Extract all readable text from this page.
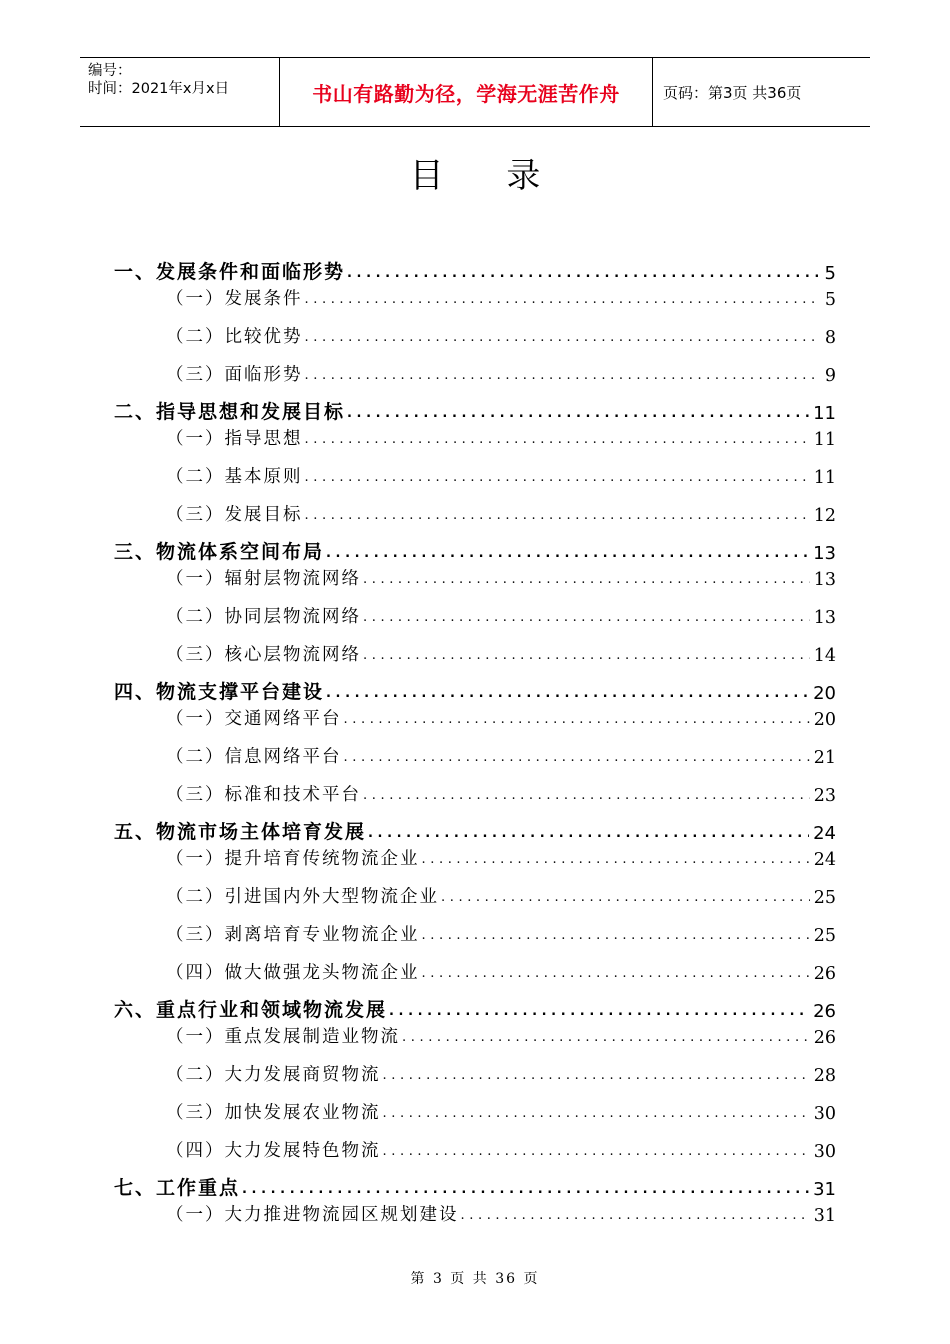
编号：
时间：2021年x月x日	书山有路勤为径，学海无涯苦作舟	页码：第3页 共36页
目 录
一、发展条件和面临形势 .....	5
（一）发展条件 .....	5
（二）比较优势 .....	8
（三）面临形势 .....	9
二、指导思想和发展目标 .....	11
（一）指导思想 .....	11
（二）基本原则 .....	11
（三）发展目标 .....	12
三、物流体系空间布局 .....	13
（一）辐射层物流网络 .....	13
（二）协同层物流网络 .....	13
（三）核心层物流网络 .....	14
四、物流支撑平台建设 .....	20
（一）交通网络平台 .....	20
（二）信息网络平台 .....	21
（三）标准和技术平台 .....	23
五、物流市场主体培育发展 .....	24
（一）提升培育传统物流企业 .....	24
（二）引进国内外大型物流企业 .....	25
（三）剥离培育专业物流企业 .....	25
（四）做大做强龙头物流企业 .....	26
六、重点行业和领域物流发展 .....	26
（一）重点发展制造业物流 .....	26
（二）大力发展商贸物流 .....	28
（三）加快发展农业物流 .....	30
（四）大力发展特色物流 .....	30
七、工作重点 .....	31
（一）大力推进物流园区规划建设 .....	31
第 3 页 共 36 页
